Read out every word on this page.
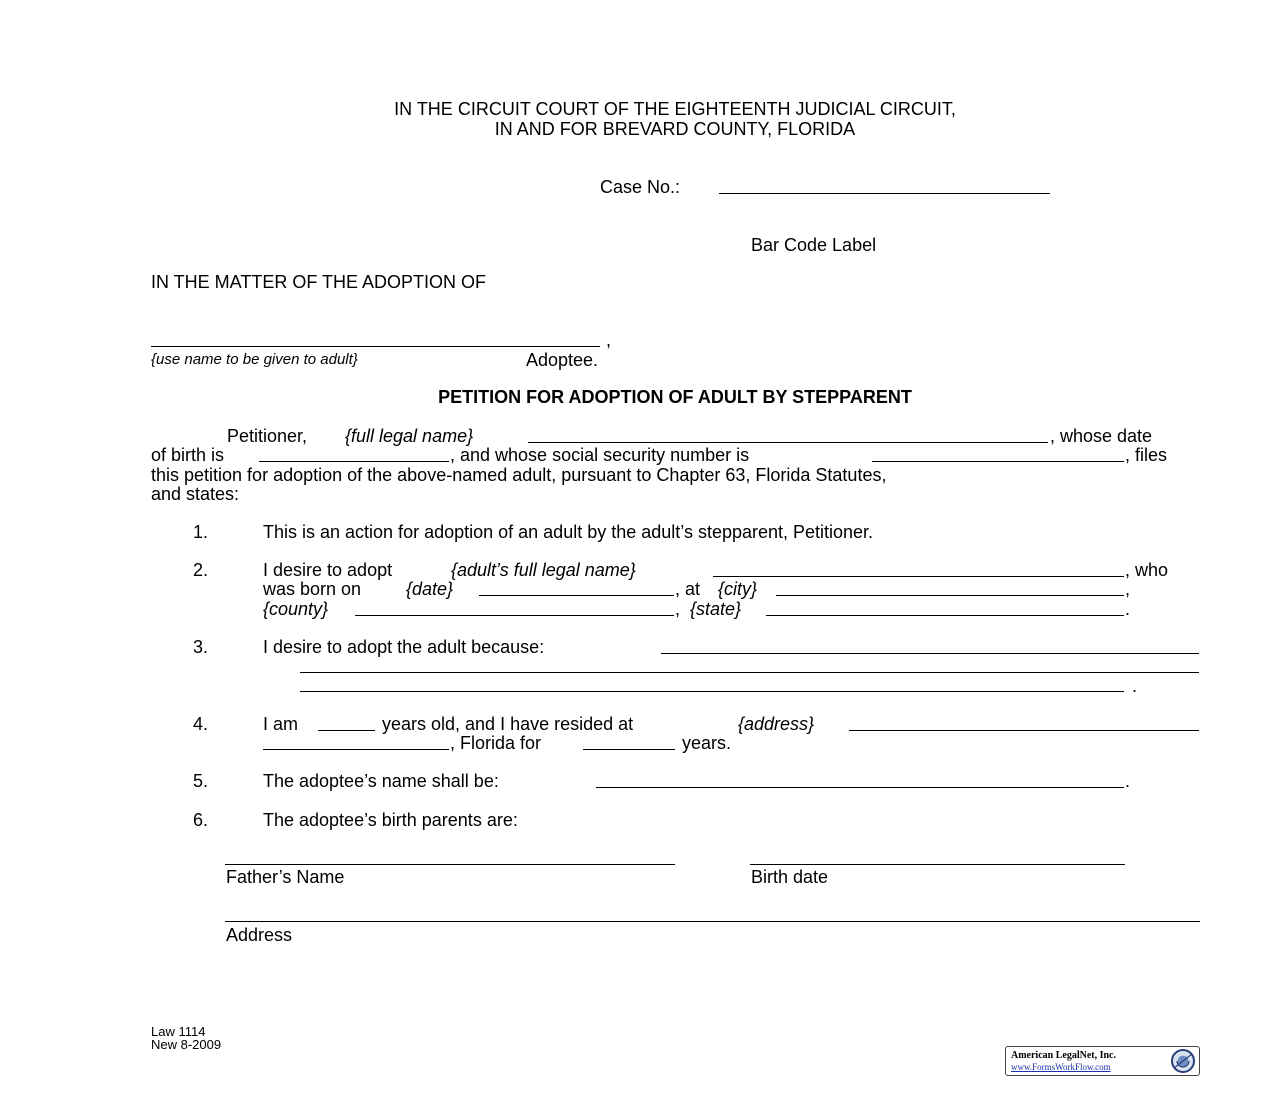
IN THE CIRCUIT COURT OF THE EIGHTEENTH JUDICIAL CIRCUIT,
IN AND FOR BREVARD COUNTY, FLORIDA
Case No.:
Bar Code Label
IN THE MATTER OF THE ADOPTION OF
,
{use name to be given to adult}	Adoptee.
PETITION FOR ADOPTION OF ADULT BY STEPPARENT
Petitioner, {full legal name}	, whose date
of birth is	, and whose social security number is	, files
this petition for adoption of the above-named adult, pursuant to Chapter 63, Florida Statutes,
and states:
1.	This is an action for adoption of an adult by the adult’s stepparent, Petitioner.
2.	I desire to adopt	{adult’s full legal name}	, who
was born on {date}	, at {city}	,
{county}	, {state}	.
3.	I desire to adopt the adult because:
.
4.	I am	years old, and I have resided at	{address}
, Florida for	years.
5.	The adoptee’s name shall be:	.
6.	The adoptee’s birth parents are:
Father’s Name	Birth date
Address
Law 1114
New 8-2009
American LegalNet, Inc.
www.FormsWorkFlow.com
